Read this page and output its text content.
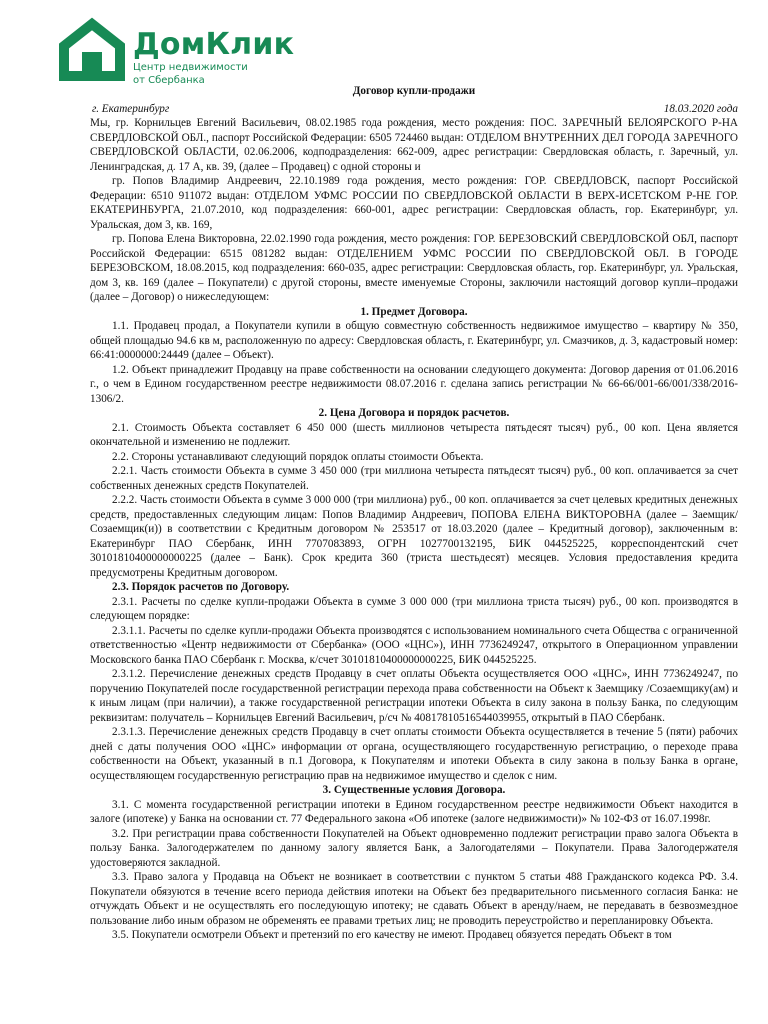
ДомКлик
Центр недвижимости
от Сбербанка

Договор купли-продажи

г. Екатеринбург	18.03.2020 года

Мы, гр. Корнильцев Евгений Васильевич, 08.02.1985 года рождения, место рождения: ПОС. ЗАРЕЧНЫЙ БЕЛОЯРСКОГО Р-НА СВЕРДЛОВСКОЙ ОБЛ., паспорт Российской Федерации: 6505 724460 выдан: ОТДЕЛОМ ВНУТРЕННИХ ДЕЛ ГОРОДА ЗАРЕЧНОГО СВЕРДЛОВСКОЙ ОБЛАСТИ, 02.06.2006, кодподразделения: 662-009, адрес регистрации: Свердловская область, г. Заречный, ул. Ленинградская, д. 17 А, кв. 39, (далее – Продавец) с одной стороны и

гр. Попов Владимир Андреевич, 22.10.1989 года рождения, место рождения: ГОР. СВЕРДЛОВСК, паспорт Российской Федерации: 6510 911072 выдан: ОТДЕЛОМ УФМС РОССИИ ПО СВЕРДЛОВСКОЙ ОБЛАСТИ В ВЕРХ-ИСЕТСКОМ Р-НЕ ГОР. ЕКАТЕРИНБУРГА, 21.07.2010, код подразделения: 660-001, адрес регистрации: Свердловская область, гор. Екатеринбург, ул. Уральская, дом 3, кв. 169,

гр. Попова Елена Викторовна, 22.02.1990 года рождения, место рождения: ГОР. БЕРЕЗОВСКИЙ СВЕРДЛОВСКОЙ ОБЛ, паспорт Российской Федерации: 6515 081282 выдан: ОТДЕЛЕНИЕМ УФМС РОССИИ ПО СВЕРДЛОВСКОЙ ОБЛ. В ГОРОДЕ БЕРЕЗОВСКОМ, 18.08.2015, код подразделения: 660-035, адрес регистрации: Свердловская область, гор. Екатеринбург, ул. Уральская, дом 3, кв. 169 (далее – Покупатели) с другой стороны, вместе именуемые Стороны, заключили настоящий договор купли–продажи (далее – Договор) о нижеследующем:

1. Предмет Договора.

1.1. Продавец продал, а Покупатели купили в общую совместную собственность недвижимое имущество – квартиру № 350, общей площадью 94.6 кв м, расположенную по адресу: Свердловская область, г. Екатеринбург, ул. Смазчиков, д. 3, кадастровый номер: 66:41:0000000:24449 (далее – Объект).

1.2. Объект принадлежит Продавцу на праве собственности на основании следующего документа: Договор дарения от 01.06.2016 г., о чем в Едином государственном реестре недвижимости 08.07.2016 г. сделана запись регистрации № 66-66/001-66/001/338/2016-1306/2.

2. Цена Договора и порядок расчетов.

2.1. Стоимость Объекта составляет 6 450 000 (шесть миллионов четыреста пятьдесят тысяч) руб., 00 коп. Цена является окончательной и изменению не подлежит.

2.2. Стороны устанавливают следующий порядок оплаты стоимости Объекта.

2.2.1. Часть стоимости Объекта в сумме 3 450 000 (три миллиона четыреста пятьдесят тысяч) руб., 00 коп. оплачивается за счет собственных денежных средств Покупателей.

2.2.2. Часть стоимости Объекта в сумме 3 000 000 (три миллиона) руб., 00 коп. оплачивается за счет целевых кредитных денежных средств, предоставленных следующим лицам: Попов Владимир Андреевич, ПОПОВА ЕЛЕНА ВИКТОРОВНА (далее – Заемщик/Созаемщик(и)) в соответствии с Кредитным договором № 253517 от 18.03.2020 (далее – Кредитный договор), заключенным в: Екатеринбург ПАО Сбербанк, ИНН 7707083893, ОГРН 1027700132195, БИК 044525225, корреспондентский счет 30101810400000000225 (далее – Банк). Срок кредита 360 (триста шестьдесят) месяцев. Условия предоставления кредита предусмотрены Кредитным договором.

2.3. Порядок расчетов по Договору.

2.3.1. Расчеты по сделке купли-продажи Объекта в сумме 3 000 000 (три миллиона триста тысяч) руб., 00 коп. производятся в следующем порядке:

2.3.1.1. Расчеты по сделке купли-продажи Объекта производятся с использованием номинального счета Общества с ограниченной ответственностью «Центр недвижимости от Сбербанка» (ООО «ЦНС»), ИНН 7736249247, открытого в Операционном управлении Московского банка ПАО Сбербанк г. Москва, к/счет 30101810400000000225, БИК 044525225.

2.3.1.2. Перечисление денежных средств Продавцу в счет оплаты Объекта осуществляется ООО «ЦНС», ИНН 7736249247, по поручению Покупателей после государственной регистрации перехода права собственности на Объект к Заемщику /Созаемщику(ам) и к иным лицам (при наличии), а также государственной регистрации ипотеки Объекта в силу закона в пользу Банка, по следующим реквизитам: получатель – Корнильцев Евгений Васильевич, р/сч № 40817810516544039955, открытый в ПАО Сбербанк.

2.3.1.3. Перечисление денежных средств Продавцу в счет оплаты стоимости Объекта осуществляется в течение 5 (пяти) рабочих дней с даты получения ООО «ЦНС» информации от органа, осуществляющего государственную регистрацию, о переходе права собственности на Объект, указанный в п.1 Договора, к Покупателям и ипотеки Объекта в силу закона в пользу Банка в органе, осуществляющем государственную регистрацию прав на недвижимое имущество и сделок с ним.

3. Существенные условия Договора.

3.1. С момента государственной регистрации ипотеки в Едином государственном реестре недвижимости Объект находится в залоге (ипотеке) у Банка на основании ст. 77 Федерального закона «Об ипотеке (залоге недвижимости)» № 102-ФЗ от 16.07.1998г.

3.2. При регистрации права собственности Покупателей на Объект одновременно подлежит регистрации право залога Объекта в пользу Банка. Залогодержателем по данному залогу является Банк, а Залогодателями – Покупатели. Права Залогодержателя удостоверяются закладной.

3.3. Право залога у Продавца на Объект не возникает в соответствии с пунктом 5 статьи 488 Гражданского кодекса РФ. 3.4. Покупатели обязуются в течение всего периода действия ипотеки на Объект без предварительного письменного согласия Банка: не отчуждать Объект и не осуществлять его последующую ипотеку; не сдавать Объект в аренду/наем, не передавать в безвозмездное пользование либо иным образом не обременять ее правами третьих лиц; не проводить переустройство и перепланировку Объекта.

3.5. Покупатели осмотрели Объект и претензий по его качеству не имеют. Продавец обязуется передать Объект в том
